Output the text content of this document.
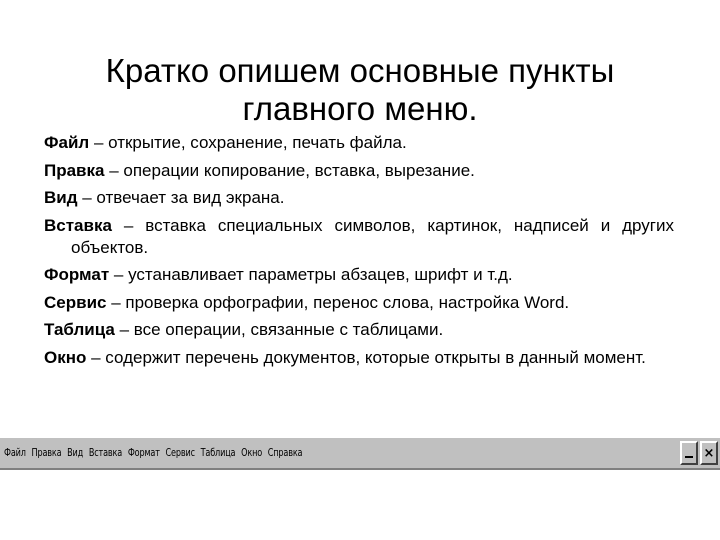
Кратко опишем основные пункты
главного меню.
Файл – открытие, сохранение, печать файла.
Правка – операции копирование, вставка, вырезание.
Вид – отвечает за вид экрана.
Вставка – вставка специальных символов, картинок, надписей и других объектов.
Формат – устанавливает параметры абзацев, шрифт и т.д.
Сервис – проверка орфографии, перенос слова, настройка Word.
Таблица – все операции, связанные с таблицами.
Окно – содержит перечень документов, которые открыты в данный момент.
Файл Правка Вид Вставка Формат Сервис Таблица Окно Справка	×
